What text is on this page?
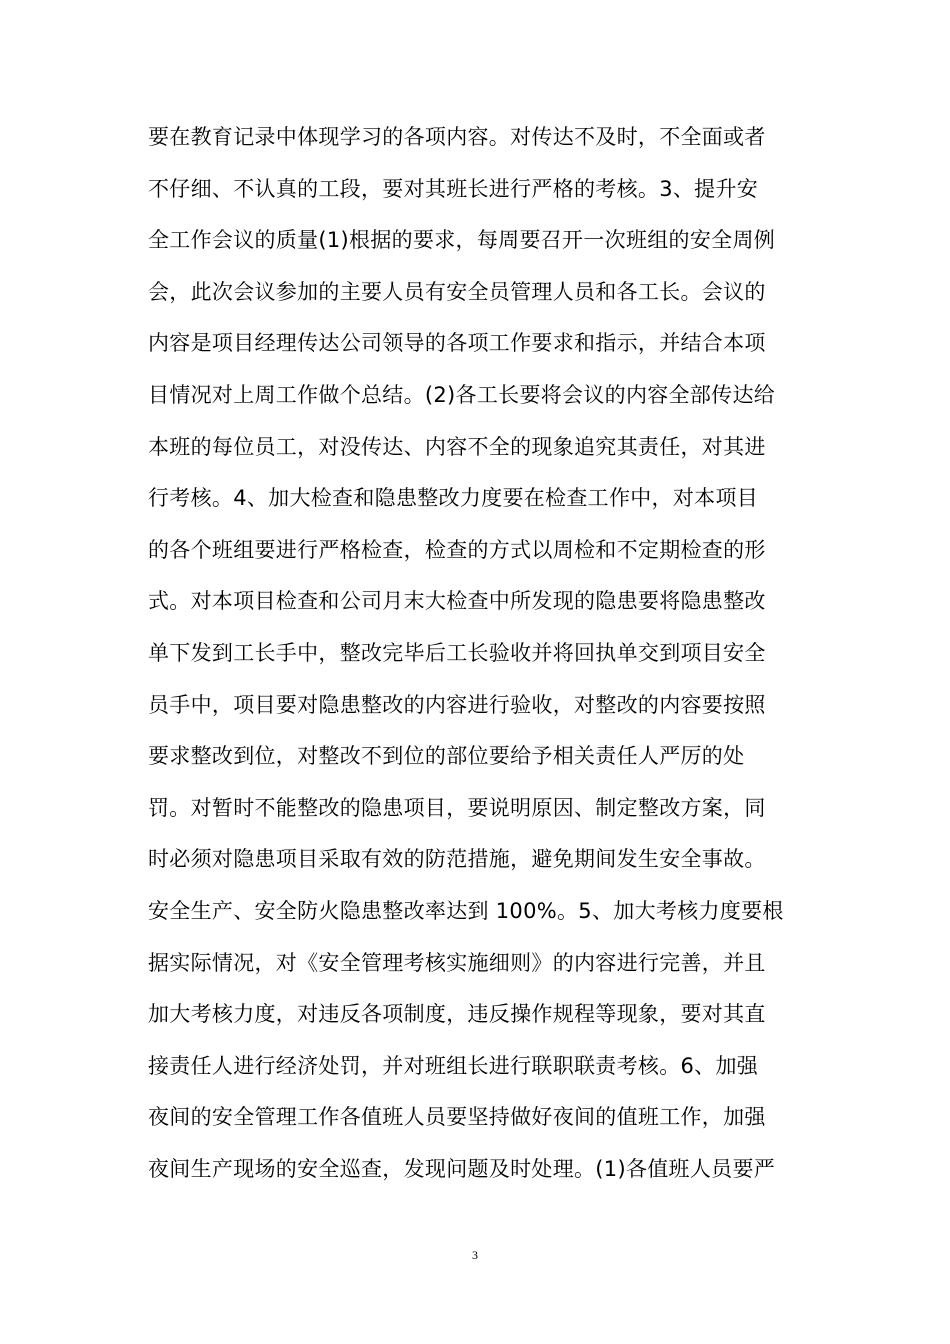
要在教育记录中体现学习的各项内容。对传达不及时，不全面或者
不仔细、不认真的工段，要对其班长进行严格的考核。3、提升安
全工作会议的质量(1)根据的要求，每周要召开一次班组的安全周例
会，此次会议参加的主要人员有安全员管理人员和各工长。会议的
内容是项目经理传达公司领导的各项工作要求和指示，并结合本项
目情况对上周工作做个总结。(2)各工长要将会议的内容全部传达给
本班的每位员工，对没传达、内容不全的现象追究其责任，对其进
行考核。4、加大检查和隐患整改力度要在检查工作中，对本项目
的各个班组要进行严格检查，检查的方式以周检和不定期检查的形
式。对本项目检查和公司月末大检查中所发现的隐患要将隐患整改
单下发到工长手中，整改完毕后工长验收并将回执单交到项目安全
员手中，项目要对隐患整改的内容进行验收，对整改的内容要按照
要求整改到位，对整改不到位的部位要给予相关责任人严厉的处
罚。对暂时不能整改的隐患项目，要说明原因、制定整改方案，同
时必须对隐患项目采取有效的防范措施，避免期间发生安全事故。
安全生产、安全防火隐患整改率达到 100%。5、加大考核力度要根
据实际情况，对《安全管理考核实施细则》的内容进行完善，并且
加大考核力度，对违反各项制度，违反操作规程等现象，要对其直
接责任人进行经济处罚，并对班组长进行联职联责考核。6、加强
夜间的安全管理工作各值班人员要坚持做好夜间的值班工作，加强
夜间生产现场的安全巡查，发现问题及时处理。(1)各值班人员要严
3
